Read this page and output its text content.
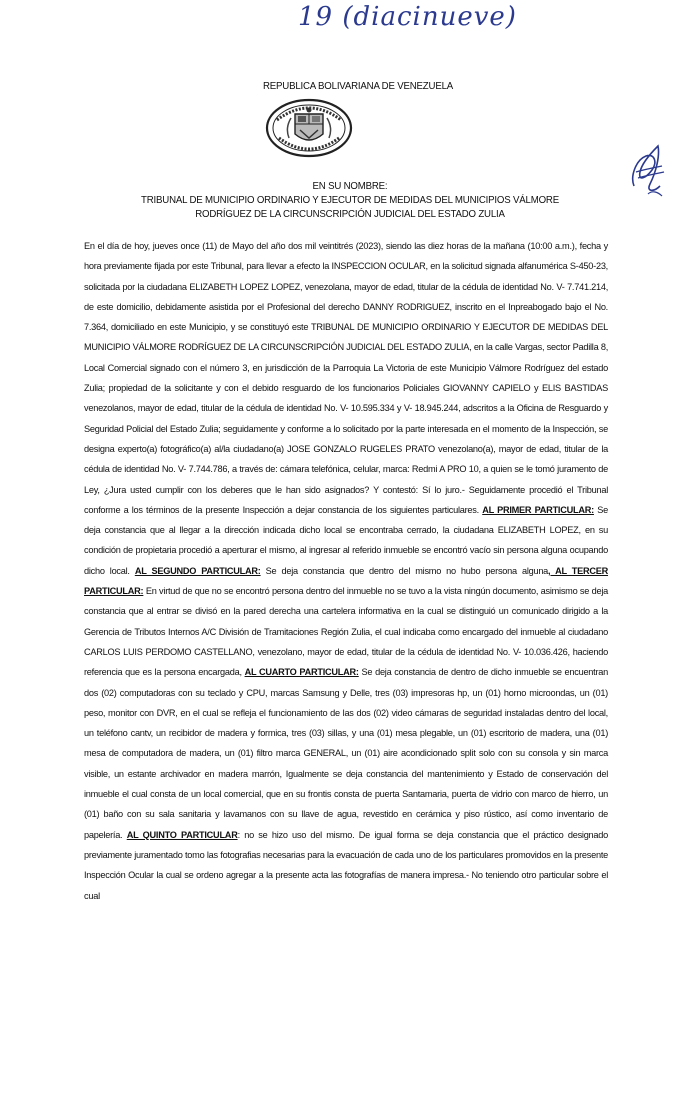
19 (diacinueve)
REPUBLICA BOLIVARIANA DE VENEZUELA
EN SU NOMBRE:
TRIBUNAL DE MUNICIPIO ORDINARIO Y EJECUTOR DE MEDIDAS DEL MUNICIPIOS VÁLMORE
RODRÍGUEZ DE LA CIRCUNSCRIPCIÓN JUDICIAL DEL ESTADO ZULIA

En el día de hoy, jueves once (11) de Mayo del año dos mil veintitrés (2023), siendo las diez horas de la mañana (10:00 a.m.), fecha y hora previamente fijada por este Tribunal, para llevar a efecto la INSPECCION OCULAR, en la solicitud signada alfanumérica S-450-23, solicitada por la ciudadana ELIZABETH LOPEZ LOPEZ, venezolana, mayor de edad, titular de la cédula de identidad No. V- 7.741.214, de este domicilio, debidamente asistida por el Profesional del derecho DANNY RODRIGUEZ, inscrito en el Inpreabogado bajo el No. 7.364, domiciliado en este Municipio, y se constituyó este TRIBUNAL DE MUNICIPIO ORDINARIO Y EJECUTOR DE MEDIDAS DEL MUNICIPIO VÁLMORE RODRÍGUEZ DE LA CIRCUNSCRIPCIÓN JUDICIAL DEL ESTADO ZULIA, en la calle Vargas, sector Padilla 8, Local Comercial signado con el número 3, en jurisdicción de la Parroquia La Victoria de este Municipio Válmore Rodríguez del estado Zulia; propiedad de la solicitante y con el debido resguardo de los funcionarios Policiales GIOVANNY CAPIELO y ELIS BASTIDAS venezolanos, mayor de edad, titular de la cédula de identidad No. V- 10.595.334 y V- 18.945.244, adscritos a la Oficina de Resguardo y Seguridad Policial del Estado Zulia; seguidamente y conforme a lo solicitado por la parte interesada en el momento de la Inspección, se designa experto(a) fotográfico(a) al/la ciudadano(a) JOSE GONZALO RUGELES PRATO venezolano(a), mayor de edad, titular de la cédula de identidad No. V- 7.744.786, a través de: cámara telefónica, celular, marca: Redmi A PRO 10, a quien se le tomó juramento de Ley, ¿Jura usted cumplir con los deberes que le han sido asignados? Y contestó: Sí lo juro.- Seguidamente procedió el Tribunal conforme a los términos de la presente Inspección a dejar constancia de los siguientes particulares. AL PRIMER PARTICULAR: Se deja constancia que al llegar a la dirección indicada dicho local se encontraba cerrado, la ciudadana ELIZABETH LOPEZ, en su condición de propietaria procedió a aperturar el mismo, al ingresar al referido inmueble se encontró vacío sin persona alguna ocupando dicho local. AL SEGUNDO PARTICULAR: Se deja constancia que dentro del mismo no hubo persona alguna, AL TERCER PARTICULAR: En virtud de que no se encontró persona dentro del inmueble no se tuvo a la vista ningún documento, asimismo se deja constancia que al entrar se divisó en la pared derecha una cartelera informativa en la cual se distinguió un comunicado dirigido a la Gerencia de Tributos Internos A/C División de Tramitaciones Región Zulia, el cual indicaba como encargado del inmueble al ciudadano CARLOS LUIS PERDOMO CASTELLANO, venezolano, mayor de edad, titular de la cédula de identidad No. V- 10.036.426, haciendo referencia que es la persona encargada, AL CUARTO PARTICULAR: Se deja constancia de dentro de dicho inmueble se encuentran dos (02) computadoras con su teclado y CPU, marcas Samsung y Delle, tres (03) impresoras hp, un (01) horno microondas, un (01) peso, monitor con DVR, en el cual se refleja el funcionamiento de las dos (02) video cámaras de seguridad instaladas dentro del local, un teléfono cantv, un recibidor de madera y formica, tres (03) sillas, y una (01) mesa plegable, un (01) escritorio de madera, una (01) mesa de computadora de madera, un (01) filtro marca GENERAL, un (01) aire acondicionado split solo con su consola y sin marca visible, un estante archivador en madera marrón, Igualmente se deja constancia del mantenimiento y Estado de conservación del inmueble el cual consta de un local comercial, que en su frontis consta de puerta Santamaria, puerta de vidrio con marco de hierro, un (01) baño con su sala sanitaria y lavamanos con su llave de agua, revestido en cerámica y piso rústico, así como inventario de papelería. AL QUINTO PARTICULAR: no se hizo uso del mismo. De igual forma se deja constancia que el práctico designado previamente juramentado tomo las fotografias necesarias para la evacuación de cada uno de los particulares promovidos en la presente Inspección Ocular la cual se ordeno agregar a la presente acta las fotografías de manera impresa.- No teniendo otro particular sobre el cual
